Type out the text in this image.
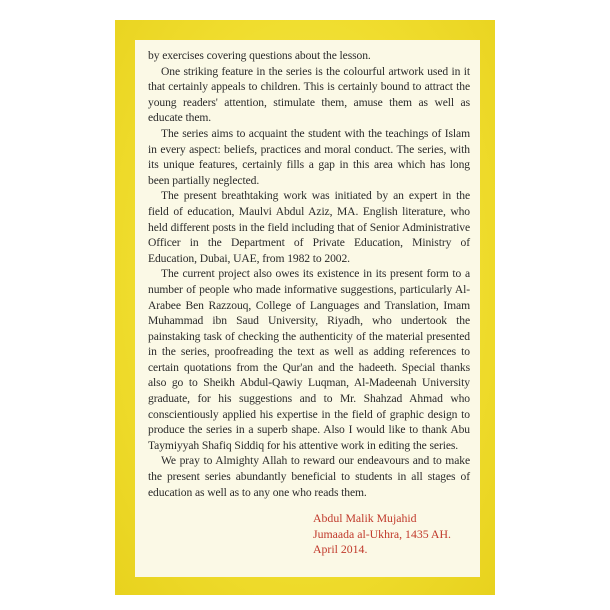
by exercises covering questions about the lesson.

One striking feature in the series is the colourful artwork used in it that certainly appeals to children. This is certainly bound to attract the young readers' attention, stimulate them, amuse them as well as educate them.

The series aims to acquaint the student with the teachings of Islam in every aspect: beliefs, practices and moral conduct. The series, with its unique features, certainly fills a gap in this area which has long been partially neglected.

The present breathtaking work was initiated by an expert in the field of education, Maulvi Abdul Aziz, MA. English literature, who held different posts in the field including that of Senior Administrative Officer in the Department of Private Education, Ministry of Education, Dubai, UAE, from 1982 to 2002.

The current project also owes its existence in its present form to a number of people who made informative suggestions, particularly Al-Arabee Ben Razzouq, College of Languages and Translation, Imam Muhammad ibn Saud University, Riyadh, who undertook the painstaking task of checking the authenticity of the material presented in the series, proofreading the text as well as adding references to certain quotations from the Qur'an and the hadeeth. Special thanks also go to Sheikh Abdul-Qawiy Luqman, Al-Madeenah University graduate, for his suggestions and to Mr. Shahzad Ahmad who conscientiously applied his expertise in the field of graphic design to produce the series in a superb shape. Also I would like to thank Abu Taymiyyah Shafiq Siddiq for his attentive work in editing the series.

We pray to Almighty Allah to reward our endeavours and to make the present series abundantly beneficial to students in all stages of education as well as to any one who reads them.

Abdul Malik Mujahid
Jumaada al-Ukhra, 1435 AH.
April 2014.
